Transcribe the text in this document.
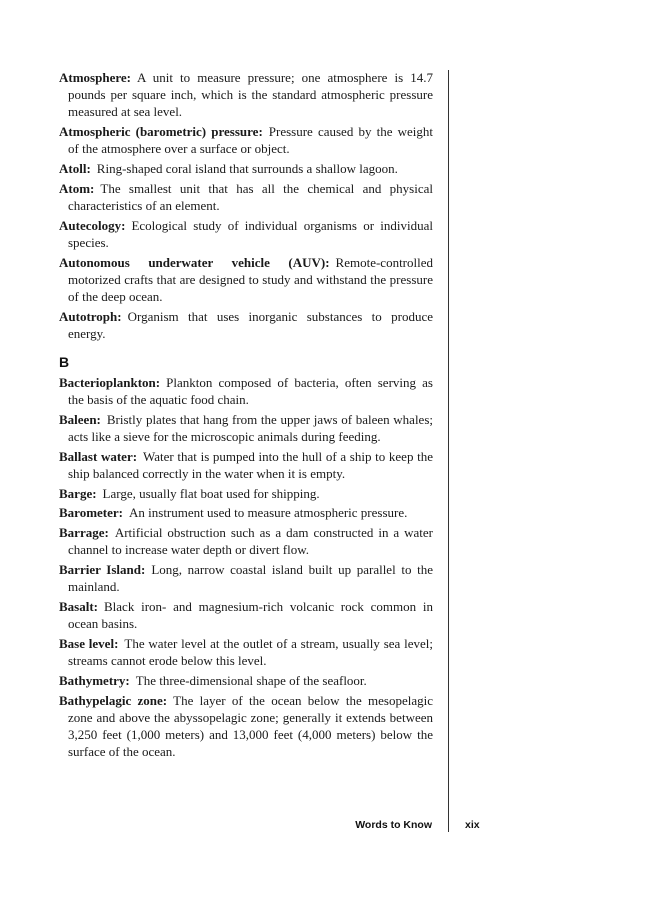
Atmosphere: A unit to measure pressure; one atmosphere is 14.7 pounds per square inch, which is the standard atmospheric pressure measured at sea level.

Atmospheric (barometric) pressure: Pressure caused by the weight of the atmosphere over a surface or object.

Atoll: Ring-shaped coral island that surrounds a shallow lagoon.

Atom: The smallest unit that has all the chemical and physical characteristics of an element.

Autecology: Ecological study of individual organisms or individual species.

Autonomous underwater vehicle (AUV): Remote-controlled motorized crafts that are designed to study and withstand the pressure of the deep ocean.

Autotroph: Organism that uses inorganic substances to produce energy.

B

Bacterioplankton: Plankton composed of bacteria, often serving as the basis of the aquatic food chain.

Baleen: Bristly plates that hang from the upper jaws of baleen whales; acts like a sieve for the microscopic animals during feeding.

Ballast water: Water that is pumped into the hull of a ship to keep the ship balanced correctly in the water when it is empty.

Barge: Large, usually flat boat used for shipping.

Barometer: An instrument used to measure atmospheric pressure.

Barrage: Artificial obstruction such as a dam constructed in a water channel to increase water depth or divert flow.

Barrier Island: Long, narrow coastal island built up parallel to the mainland.

Basalt: Black iron- and magnesium-rich volcanic rock common in ocean basins.

Base level: The water level at the outlet of a stream, usually sea level; streams cannot erode below this level.

Bathymetry: The three-dimensional shape of the seafloor.

Bathypelagic zone: The layer of the ocean below the mesopelagic zone and above the abyssopelagic zone; generally it extends between 3,250 feet (1,000 meters) and 13,000 feet (4,000 meters) below the surface of the ocean.

Words to Know	xix
